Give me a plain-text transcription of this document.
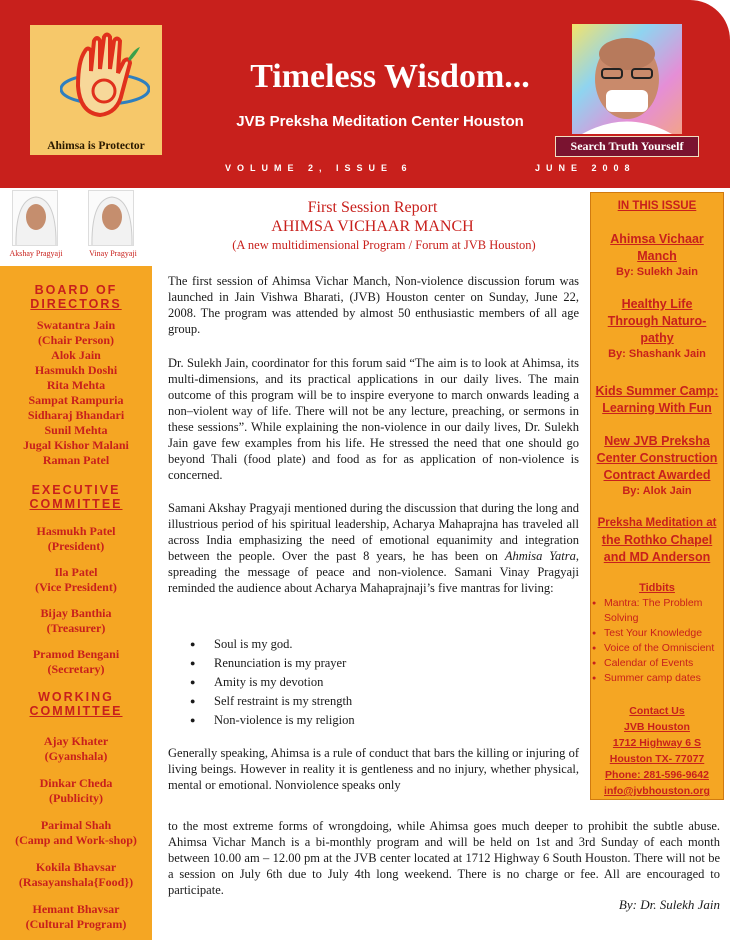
Ahimsa is Protector
Timeless Wisdom...
JVB Preksha Meditation Center Houston
Search Truth Yourself
VOLUME 2, ISSUE 6	JUNE 2008
Akshay Pragyaji	Vinay Pragyaji
BOARD OF
DIRECTORS
Swatantra Jain
(Chair Person)
Alok Jain
Hasmukh Doshi
Rita Mehta
Sampat Rampuria
Sidharaj Bhandari
Sunil Mehta
Jugal Kishor Malani
Raman Patel
EXECUTIVE
COMMITTEE
Hasmukh Patel
(President)
Ila Patel
(Vice President)
Bijay Banthia
(Treasurer)
Pramod Bengani
(Secretary)
WORKING
COMMITTEE
Ajay Khater
(Gyanshala)
Dinkar Cheda
(Publicity)
Parimal Shah
(Camp and Work-shop)
Kokila Bhavsar
(Rasayanshala{Food})
Hemant Bhavsar
(Cultural Program)
First Session Report
AHIMSA VICHAAR MANCH
(A new multidimensional Program / Forum at JVB Houston)
The first session of Ahimsa Vichar Manch, Non-violence discussion forum was launched in Jain Vishwa Bharati, (JVB) Houston center on Sunday, June 22, 2008. The program was attended by almost 50 enthusiastic members of all age group.
Dr. Sulekh Jain, coordinator for this forum said “The aim is to look at Ahimsa, its multi-dimensions, and its practical applications in our daily lives. The main outcome of this program will be to inspire everyone to march onwards leading a non–violent way of life. There will not be any lecture, preaching, or sermons in these sessions”. While explaining the non-violence in our daily lives, Dr. Sulekh Jain gave few examples from his life. He stressed the need that one should go beyond Thali (food plate) and food as for as application of non-violence is concerned.
Samani Akshay Pragyaji mentioned during the discussion that during the long and illustrious period of his spiritual leadership, Acharya Mahaprajna has traveled all across India emphasizing the need of emotional equanimity and integration between the people. Over the past 8 years, he has been on Ahmisa Yatra, spreading the message of peace and non-violence. Samani Vinay Pragyaji reminded the audience about Acharya Mahaprajnaji’s five mantras for living:
● Soul is my god.
● Renunciation is my prayer
● Amity is my devotion
● Self restraint is my strength
● Non-violence is my religion
Generally speaking, Ahimsa is a rule of conduct that bars the killing or injuring of living beings. However in reality it is gentleness and no injury, whether physical, mental or emotional. Nonviolence speaks only
to the most extreme forms of wrongdoing, while Ahimsa goes much deeper to prohibit the subtle abuse. Ahimsa Vichar Manch is a bi-monthly program and will be held on 1st and 3rd Sunday of each month between 10.00 am – 12.00 pm at the JVB center located at 1712 Highway 6 South Houston. There will not be a session on July 6th due to July 4th long weekend. There is no charge or fee. All are encouraged to participate.
By: Dr. Sulekh Jain
IN THIS ISSUE
Ahimsa Vichaar
Manch
By: Sulekh Jain
Healthy Life
Through Naturo-
pathy
By: Shashank Jain
Kids Summer Camp:
Learning With Fun
New JVB Preksha
Center Construction
Contract Awarded
By: Alok Jain
Preksha Meditation at
the Rothko Chapel
and MD Anderson
Tidbits
● Mantra: The Problem Solving
● Test Your Knowledge
● Voice of the Omniscient
● Calendar of Events
● Summer camp dates
Contact Us
JVB Houston
1712 Highway 6 S
Houston TX- 77077
Phone: 281-596-9642
info@jvbhouston.org
